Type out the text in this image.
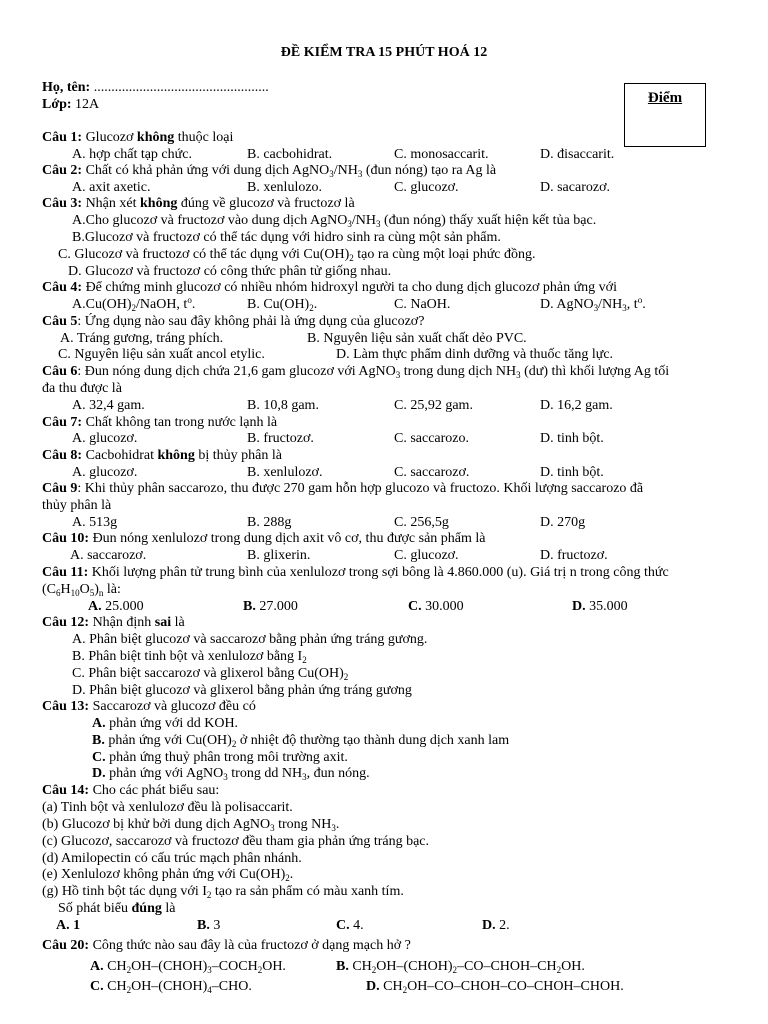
ĐỀ KIỂM TRA 15 PHÚT HOÁ 12
Họ, tên: ..................................................
Lớp: 12A	Điểm
Câu 1: Glucozơ không thuộc loại
A. hợp chất tạp chức.	B. cacbohidrat.	C. monosaccarit.	D. đisaccarit.
Câu 2: Chất có khả phản ứng với dung dịch $AgNO_3/NH_3$ (đun nóng) tạo ra Ag là
A. axit axetic.	B. xenlulozo.	C. glucozơ.	D. sacarozơ.
Câu 3: Nhận xét không đúng về glucozơ và fructozơ là
A.Cho glucozơ và fructozơ vào dung dịch $AgNO_3/NH_3$ (đun nóng) thấy xuất hiện kết tủa bạc.
B.Glucozơ và fructozơ có thể tác dụng với hidro sinh ra cùng một sản phẩm.
C. Glucozơ và fructozơ có thể tác dụng với $Cu(OH)_2$ tạo ra cùng một loại phức đồng.
D. Glucozơ và fructozơ có công thức phân tử giống nhau.
Câu 4: Để chứng minh glucozơ có nhiều nhóm hidroxyl người ta cho dung dịch glucozơ phản ứng với
$A.Cu(OH)_2$/NaOH, $t^o$.	B. $Cu(OH)_2$.	C. NaOH.	D. $AgNO_3/NH_3$, $t^o$.
Câu 5: Ứng dụng nào sau đây không phải là ứng dụng của glucozơ?
A. Tráng gương, tráng phích.	B. Nguyên liệu sản xuất chất dẻo PVC.
C. Nguyên liệu sản xuất ancol etylic.	D. Làm thực phẩm dinh dưỡng và thuốc tăng lực.
Câu 6: Đun nóng dung dịch chứa 21,6 gam glucozơ với AgNO$_3$ trong dung dịch $NH_3$ (dư) thì khối lượng Ag tối
đa thu được là
A. 32,4 gam.	B. 10,8 gam.	C. 25,92 gam.	D. 16,2 gam.
Câu 7: Chất không tan trong nước lạnh là
A. glucozơ.	B. fructozơ.	C. saccarozo.	D. tinh bột.
Câu 8: Cacbohidrat không bị thủy phân là
A. glucozơ.	B. xenlulozơ.	C. saccarozơ.	D. tinh bột.
Câu 9: Khi thủy phân saccarozo, thu được 270 gam hỗn hợp glucozo và fructozo. Khối lượng saccarozo đã
thủy phân là
A. 513g	B. 288g	C. 256,5g	D. 270g
Câu 10: Đun nóng xenlulozơ trong dung dịch axit vô cơ, thu được sản phẩm là
A. saccarozơ.	B. glixerin.	C. glucozơ.	D. fructozơ.
Câu 11: Khối lượng phân tử trung bình của xenlulozơ trong sợi bông là 4.860.000 (u). Giá trị n trong công thức
$(C_6H_{10}O_5)_n$ là:
A. 25.000	B. 27.000	C. 30.000	D. 35.000
Câu 12: Nhận định sai là
A. Phân biệt glucozơ và saccarozơ bằng phản ứng tráng gương.
B. Phân biệt tinh bột và xenlulozơ bằng $I_2$
C. Phân biệt saccarozơ và glixerol bằng $Cu(OH)_2$
D. Phân biệt glucozơ và glixerol bằng phản ứng tráng gương
Câu 13: Saccarozơ và glucozơ đều có
A. phản ứng với dd KOH.
B. phản ứng với $Cu(OH)_2$ ở nhiệt độ thường tạo thành dung dịch xanh lam
C. phản ứng thuỷ phân trong môi trường axit.
D. phản ứng với AgNO$_3$ trong dd $NH_3$, đun nóng.
Câu 14: Cho các phát biểu sau:
(a) Tinh bột và xenlulozơ đều là polisaccarit.
(b) Glucozơ bị khử bởi dung dịch AgNO$_3$ trong $NH_3$.
(c) Glucozơ, saccarozơ và fructozơ đều tham gia phản ứng tráng bạc.
(d) Amilopectin có cấu trúc mạch phân nhánh.
(e) Xenlulozơ không phản ứng với $Cu(OH)_2$.
(g) Hồ tinh bột tác dụng với $I_2$ tạo ra sản phẩm có màu xanh tím.
Số phát biểu đúng là
A. 1	B. 3	C. 4.	D. 2.
Câu 20: Công thức nào sau đây là của fructozơ ở dạng mạch hở ?
A. $CH_2OH-(CHOH)_3-COCH_2OH$.	B. $CH_2OH-(CHOH)_2-CO-CHOH-CH_2OH$.
C. $CH_2OH-(CHOH)_4$–CHO.	D. $CH_2OH-CO-CHOH-CO-CHOH$–CHOH.
